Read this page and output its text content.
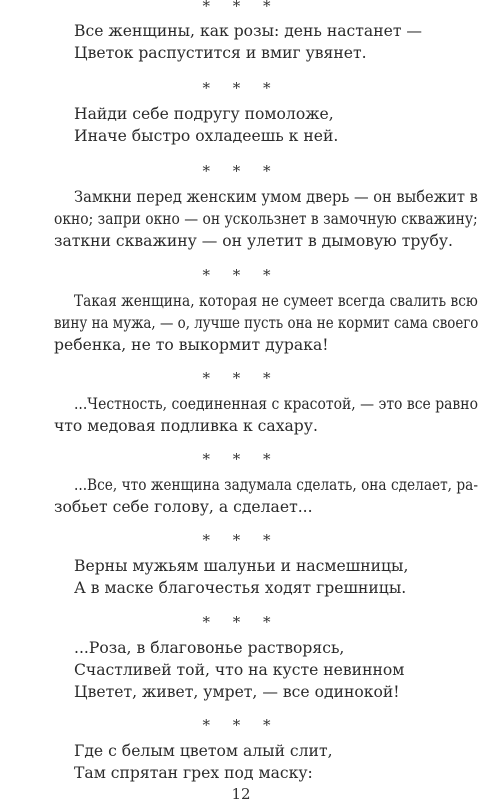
* * *
Все женщины, как розы: день настанет —
Цветок распустится и вмиг увянет.
* * *
Найди себе подругу помоложе,
Иначе быстро охладеешь к ней.
* * *
Замкни перед женским умом дверь — он выбежит в
окно; запри окно — он ускользнет в замочную скважину;
заткни скважину — он улетит в дымовую трубу.
* * *
Такая женщина, которая не сумеет всегда свалить всю
вину на мужа, — о, лучше пусть она не кормит сама своего
ребенка, не то выкормит дурака!
* * *
...Честность, соединенная с красотой, — это все равно
что медовая подливка к сахару.
* * *
...Все, что женщина задумала сделать, она сделает, ра-
зобьет себе голову, а сделает...
* * *
Верны мужьям шалуньи и насмешницы,
А в маске благочестья ходят грешницы.
* * *
...Роза, в благовонье растворясь,
Счастливей той, что на кусте невинном
Цветет, живет, умрет, — все одинокой!
* * *
Где с белым цветом алый слит,
Там спрятан грех под маску:
12
